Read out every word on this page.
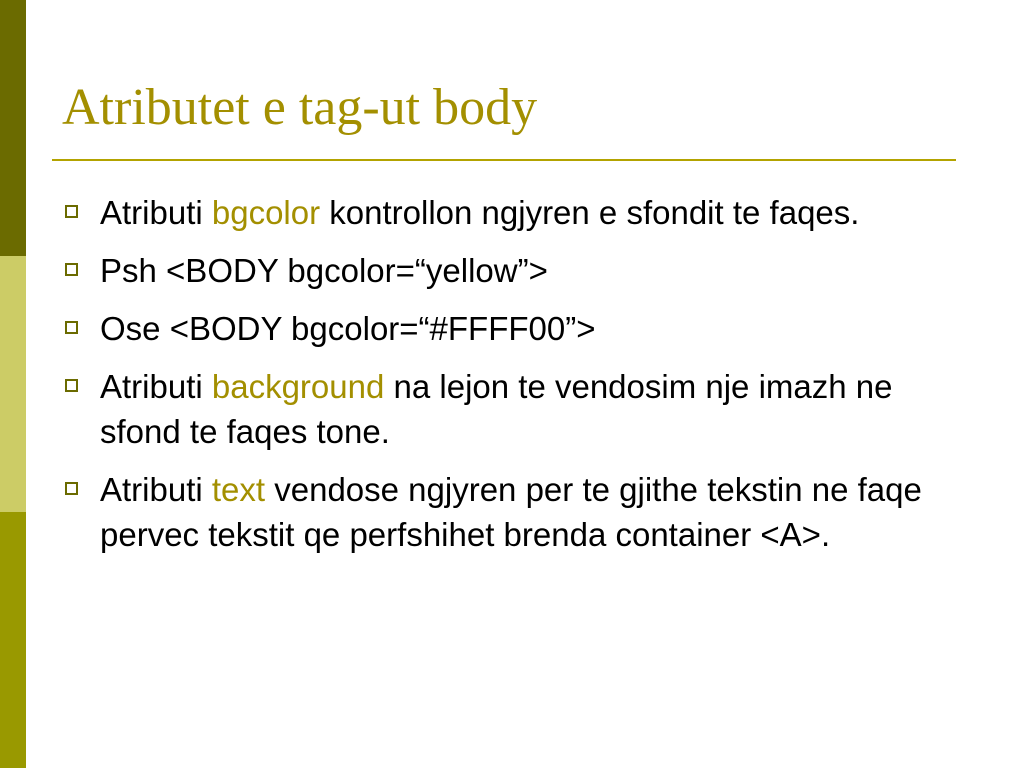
Atributet e tag-ut body
Atributi bgcolor kontrollon ngjyren e sfondit te faqes.
Psh <BODY bgcolor=“yellow”>
Ose <BODY bgcolor=“#FFFF00”>
Atributi background na lejon te vendosim nje imazh ne sfond te faqes tone.
Atributi text vendose ngjyren per te gjithe tekstin ne faqe pervec tekstit qe perfshihet brenda container <A>.
